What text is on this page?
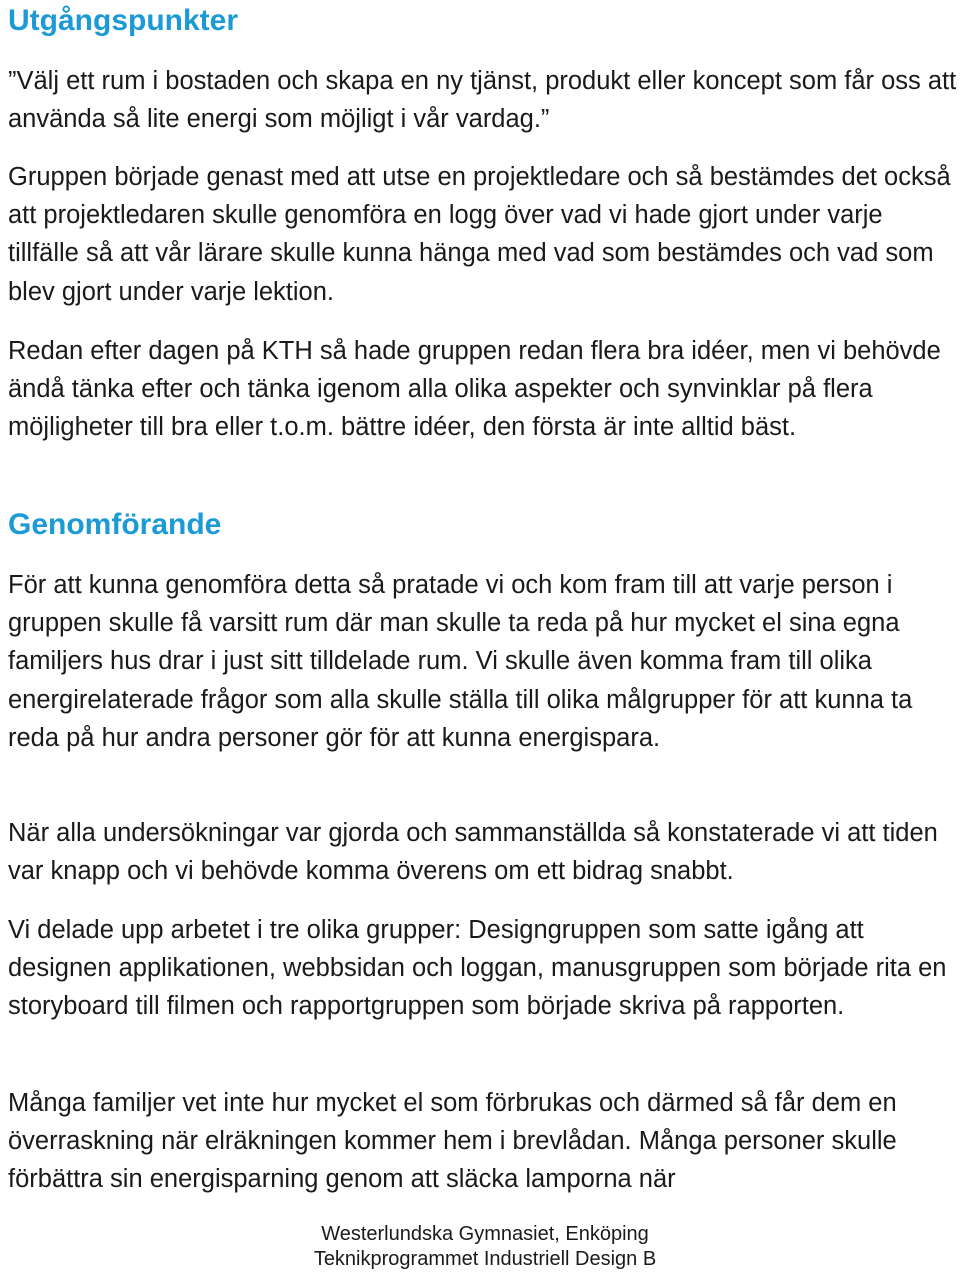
Utgångspunkter

”Välj ett rum i bostaden och skapa en ny tjänst, produkt eller koncept som får oss att använda så lite energi som möjligt i vår vardag.”

Gruppen började genast med att utse en projektledare och så bestämdes det också att projektledaren skulle genomföra en logg över vad vi hade gjort under varje tillfälle så att vår lärare skulle kunna hänga med vad som bestämdes och vad som blev gjort under varje lektion.

Redan efter dagen på KTH så hade gruppen redan flera bra idéer, men vi behövde ändå tänka efter och tänka igenom alla olika aspekter och synvinklar på flera möjligheter till bra eller t.o.m. bättre idéer, den första är inte alltid bäst.

Genomförande

För att kunna genomföra detta så pratade vi och kom fram till att varje person i gruppen skulle få varsitt rum där man skulle ta reda på hur mycket el sina egna familjers hus drar i just sitt tilldelade rum. Vi skulle även komma fram till olika energirelaterade frågor som alla skulle ställa till olika målgrupper för att kunna ta reda på hur andra personer gör för att kunna energispara.

När alla undersökningar var gjorda och sammanställda så konstaterade vi att tiden var knapp och vi behövde komma överens om ett bidrag snabbt.

Vi delade upp arbetet i tre olika grupper: Designgruppen som satte igång att designen applikationen, webbsidan och loggan, manusgruppen som började rita en storyboard till filmen och rapportgruppen som började skriva på rapporten.

Många familjer vet inte hur mycket el som förbrukas och därmed så får dem en överraskning när elräkningen kommer hem i brevlådan. Många personer skulle förbättra sin energisparning genom att släcka lamporna när

Westerlundska Gymnasiet, Enköping
Teknikprogrammet Industriell Design B
